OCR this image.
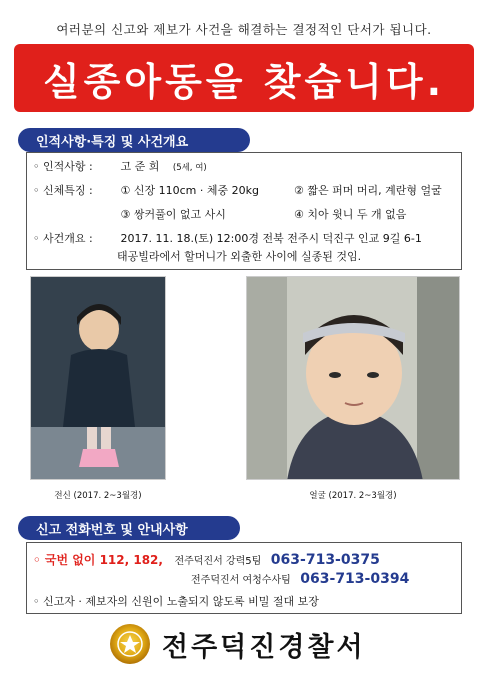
여러분의 신고와 제보가 사건을 해결하는 결정적인 단서가 됩니다.
실종아동을 찾습니다.
인적사항·특징 및 사건개요
◦ 인적사항 :	고 준 희 (5세, 여)
◦ 신체특징 :	① 신장 110cm · 체중 20kg	② 짧은 퍼머 머리, 계란형 얼굴
③ 쌍커풀이 없고 사시	④ 치아 윗니 두 개 없음
◦ 사건개요 :	2017. 11. 18.(토) 12:00경 전북 전주시 덕진구 인교 9길 6-1
태공빌라에서 할머니가 외출한 사이에 실종된 것임.
전신 (2017. 2~3월경)	얼굴 (2017. 2~3월경)
신고 전화번호 및 안내사항
◦ 국번 없이 112, 182, 전주덕진서 강력5팀 063-713-0375
전주덕진서 여청수사팀 063-713-0394
◦ 신고자 · 제보자의 신원이 노출되지 않도록 비밀 절대 보장
전주덕진경찰서
